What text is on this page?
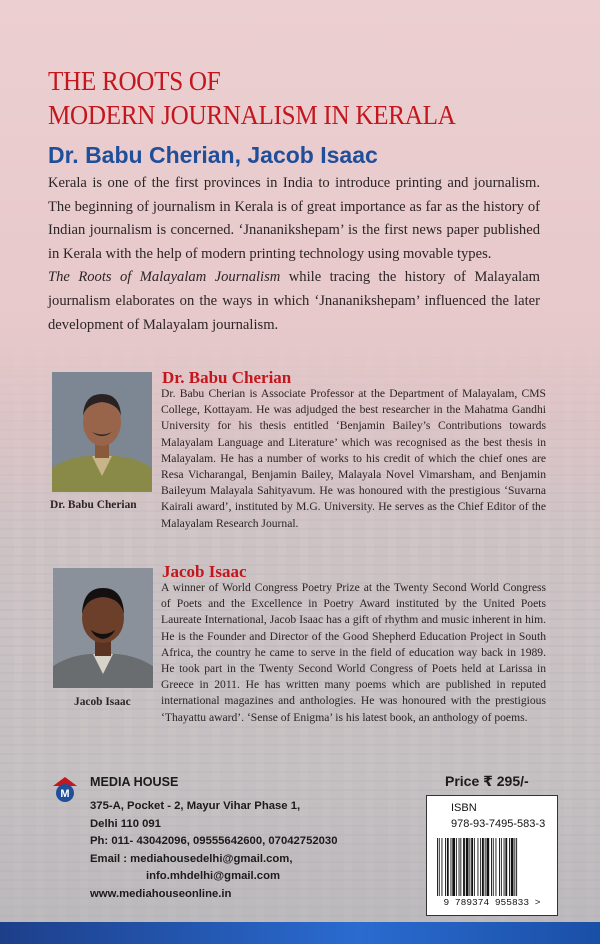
THE ROOTS OF
MODERN JOURNALISM IN KERALA
Dr. Babu Cherian, Jacob Isaac

Kerala is one of the first provinces in India to introduce printing and journalism. The beginning of journalism in Kerala is of great importance as far as the history of Indian journalism is concerned. ‘Jnananikshepam’ is the first news paper published in Kerala with the help of modern printing technology using movable types.

The Roots of Malayalam Journalism while tracing the history of Malayalam journalism elaborates on the ways in which ‘Jnananikshepam’ influenced the later development of Malayalam journalism.

Dr. Babu Cherian
Dr. Babu Cherian
Dr. Babu Cherian is Associate Professor at the Department of Malayalam, CMS College, Kottayam. He was adjudged the best researcher in the Mahatma Gandhi University for his thesis entitled ‘Benjamin Bailey’s Contributions towards Malayalam Language and Literature’ which was recognised as the best thesis in Malayalam. He has a number of works to his credit of which the chief ones are Resa Vicharangal, Benjamin Bailey, Malayala Novel Vimarsham, and Benjamin Baileyum Malayala Sahityavum. He was honoured with the prestigious ‘Suvarna Kairali award’, instituted by M.G. University. He serves as the Chief Editor of the Malayalam Research Journal.
Jacob Isaac
Jacob Isaac
A winner of World Congress Poetry Prize at the Twenty Second World Congress of Poets and the Excellence in Poetry Award instituted by the United Poets Laureate International, Jacob Isaac has a gift of rhythm and music inherent in him. He is the Founder and Director of the Good Shepherd Education Project in South Africa, the country he came to serve in the field of education way back in 1989. He took part in the Twenty Second World Congress of Poets held at Larissa in Greece in 2011. He has written many poems which are published in reputed international magazines and anthologies. He was honoured with the prestigious ‘Thayattu award’. ‘Sense of Enigma’ is his latest book, an anthology of poems.
M
MEDIA HOUSE
375-A, Pocket - 2, Mayur Vihar Phase 1,
Delhi 110 091
Ph: 011- 43042096, 09555642600, 07042752030
Email : mediahousedelhi@gmail.com,
info.mhdelhi@gmail.com
www.mediahouseonline.in
Price ₹ 295/-
ISBN
978-93-7495-583-3
9 789374 955833 >
